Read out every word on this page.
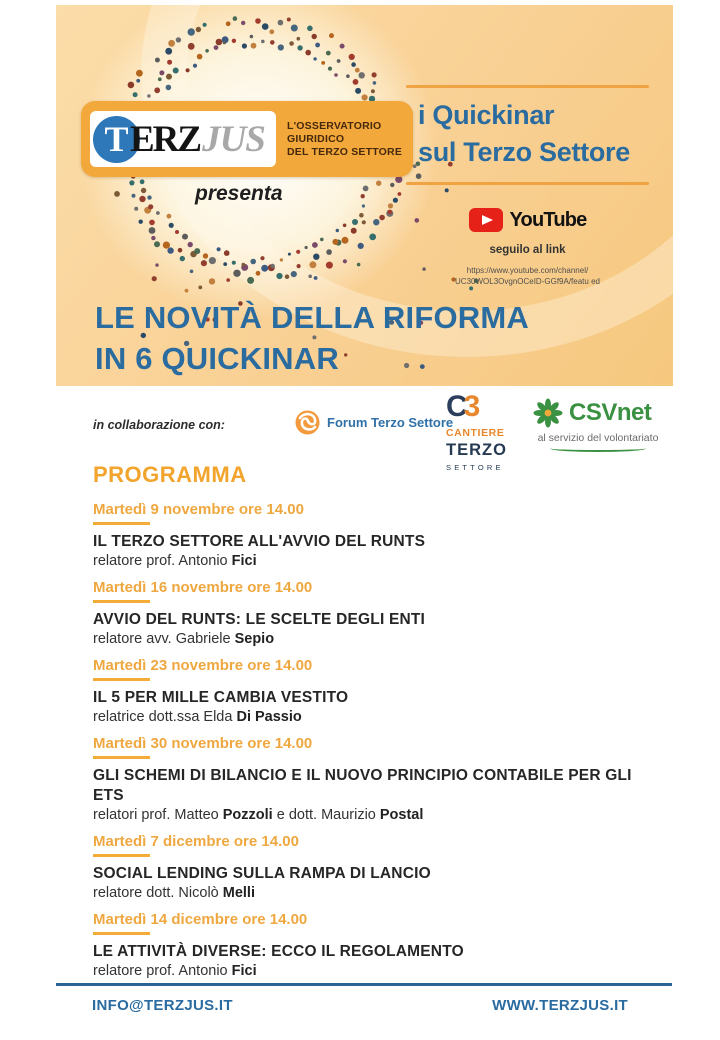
T ERZ JUS L'OSSERVATORIO
GIURIDICO
DEL TERZO SETTORE
presenta
i Quickinar
sul Terzo Settore
YouTube
seguilo al link
https://www.youtube.com/channel/
UC30WOL3OvgnOCeID-GGf9A/featu ed
LE NOVITÀ DELLA RIFORMA
IN 6 QUICKINAR
in collaborazione con:	Forum Terzo Settore
C3
CANTIERE
TERZO
SETTORE
CSVnet
al servizio del volontariato
PROGRAMMA
Martedì 9 novembre ore 14.00
IL TERZO SETTORE ALL'AVVIO DEL RUNTS
relatore prof. Antonio Fici
Martedì 16 novembre ore 14.00
AVVIO DEL RUNTS: LE SCELTE DEGLI ENTI
relatore avv. Gabriele Sepio
Martedì 23 novembre ore 14.00
IL 5 PER MILLE CAMBIA VESTITO
relatrice dott.ssa Elda Di Passio
Martedì 30 novembre ore 14.00
GLI SCHEMI DI BILANCIO E IL NUOVO PRINCIPIO CONTABILE PER GLI ETS
relatori prof. Matteo Pozzoli e dott. Maurizio Postal
Martedì 7 dicembre ore 14.00
SOCIAL LENDING SULLA RAMPA DI LANCIO
relatore dott. Nicolò Melli
Martedì 14 dicembre ore 14.00
LE ATTIVITÀ DIVERSE: ECCO IL REGOLAMENTO
relatore prof. Antonio Fici
INFO@TERZJUS.IT	WWW.TERZJUS.IT
